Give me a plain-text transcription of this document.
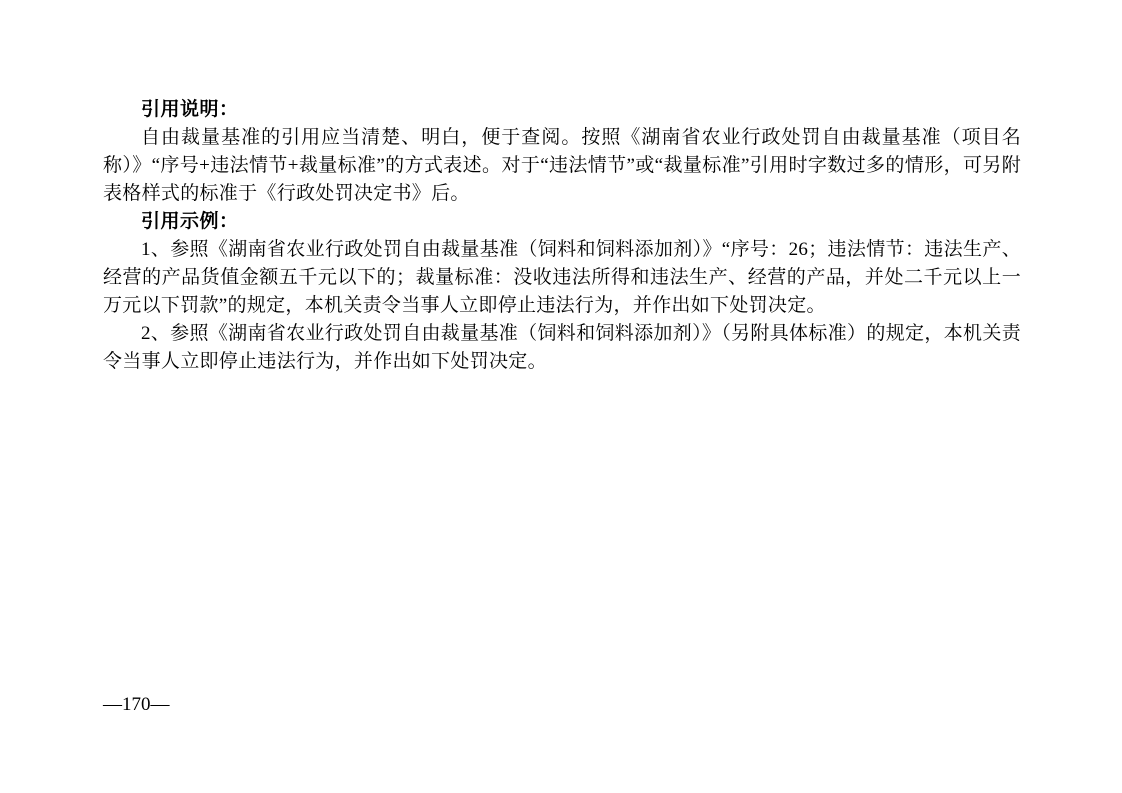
引用说明：

自由裁量基准的引用应当清楚、明白，便于查阅。按照《湖南省农业行政处罚自由裁量基准（项目名称）》“序号+违法情节+裁量标准”的方式表述。对于“违法情节”或“裁量标准”引用时字数过多的情形，可另附表格样式的标准于《行政处罚决定书》后。

引用示例：

1、参照《湖南省农业行政处罚自由裁量基准（饲料和饲料添加剂）》“序号：26；违法情节：违法生产、经营的产品货值金额五千元以下的；裁量标准：没收违法所得和违法生产、经营的产品，并处二千元以上一万元以下罚款”的规定，本机关责令当事人立即停止违法行为，并作出如下处罚决定。

2、参照《湖南省农业行政处罚自由裁量基准（饲料和饲料添加剂）》（另附具体标准）的规定，本机关责令当事人立即停止违法行为，并作出如下处罚决定。

—170—
